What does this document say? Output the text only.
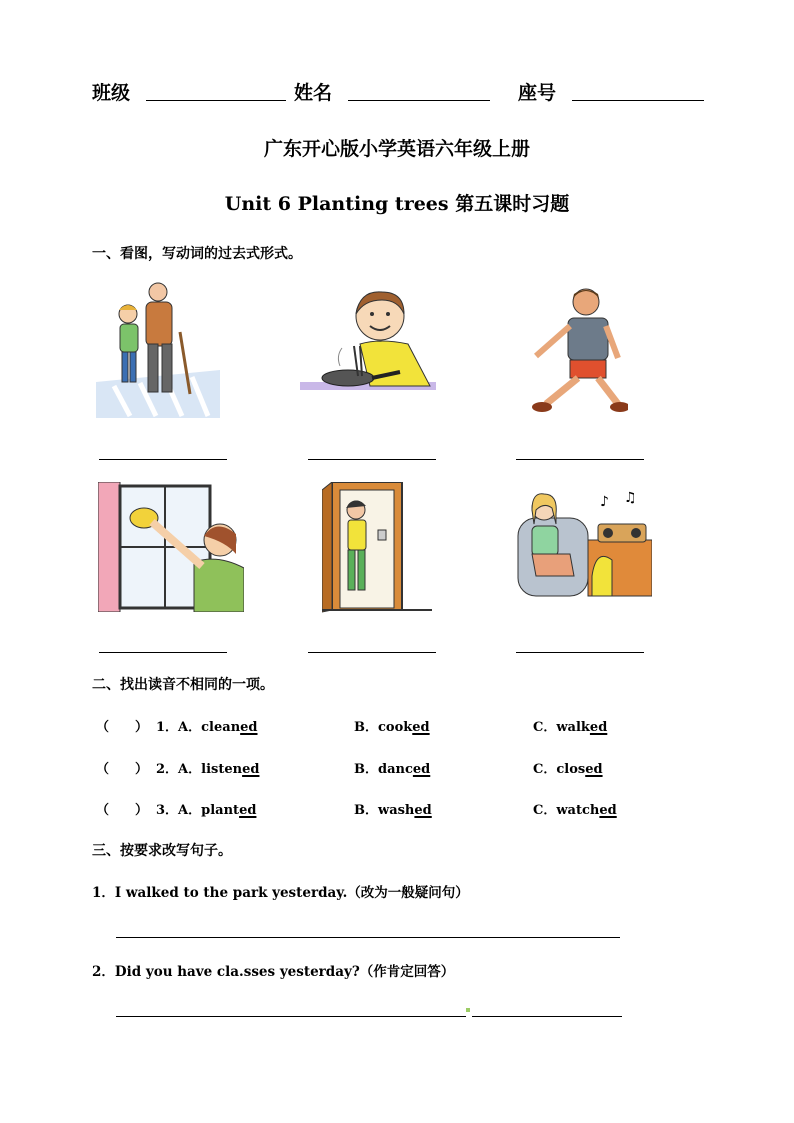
班级	姓名	座号
广东开心版小学英语六年级上册
Unit 6 Planting trees 第五课时习题
一、看图，写动词的过去式形式。
♪ ♫
二、找出读音不相同的一项。
（　　） 1．A．cleaned	B．cooked	C．walked
（　　） 2．A．listened	B．danced	C．closed
（　　） 3．A．planted	B．washed	C．watched
三、按要求改写句子。
1．I walked to the park yesterday.（改为一般疑问句）
2．Did you have cla.sses yesterday?（作肯定回答）
